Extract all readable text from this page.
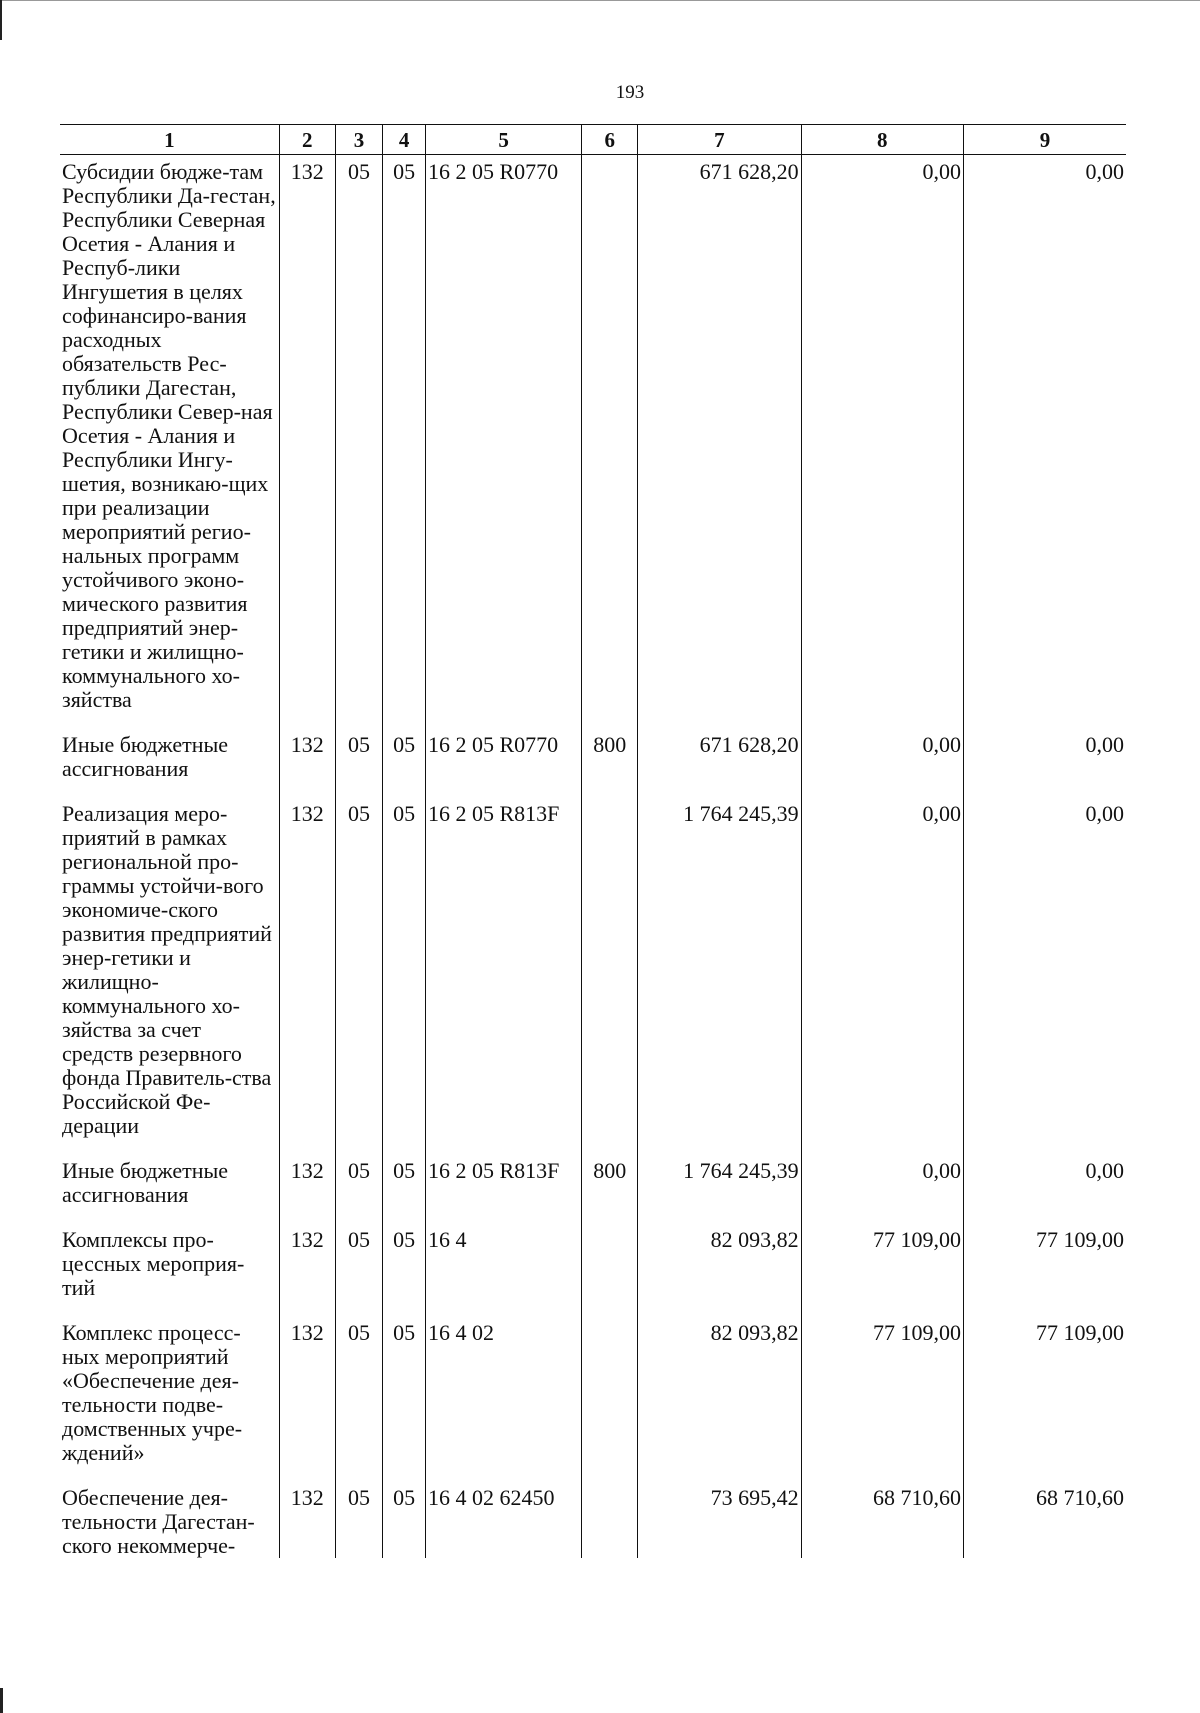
193
1	2	3	4	5	6	7	8	9
Субсидии бюдже-там Республики Да-гестан, Республики Северная Осетия - Алания и Респуб-лики Ингушетия в целях софинансиро-вания расходных обязательств Рес-публики Дагестан, Республики Север-ная Осетия - Алания и Республики Ингу-шетия, возникаю-щих при реализации мероприятий регио-нальных программ устойчивого эконо-мического развития предприятий энер-гетики и жилищно-коммунального хо-зяйства	132	05	05	16 2 05 R0770		671 628,20	0,00	0,00
Иные бюджетные ассигнования	132	05	05	16 2 05 R0770	800	671 628,20	0,00	0,00
Реализация меро-приятий в рамках региональной про-граммы устойчи-вого экономиче-ского развития предприятий энер-гетики и жилищно-коммунального хо-зяйства за счет средств резервного фонда Правитель-ства Российской Фе-дерации	132	05	05	16 2 05 R813F		1 764 245,39	0,00	0,00
Иные бюджетные ассигнования	132	05	05	16 2 05 R813F	800	1 764 245,39	0,00	0,00
Комплексы про-цессных мероприя-тий	132	05	05	16 4		82 093,82	77 109,00	77 109,00
Комплекс процесс-ных мероприятий «Обеспечение дея-тельности подве-домственных учре-ждений»	132	05	05	16 4 02		82 093,82	77 109,00	77 109,00
Обеспечение дея-тельности Дагестан-ского некоммерче-	132	05	05	16 4 02 62450		73 695,42	68 710,60	68 710,60
